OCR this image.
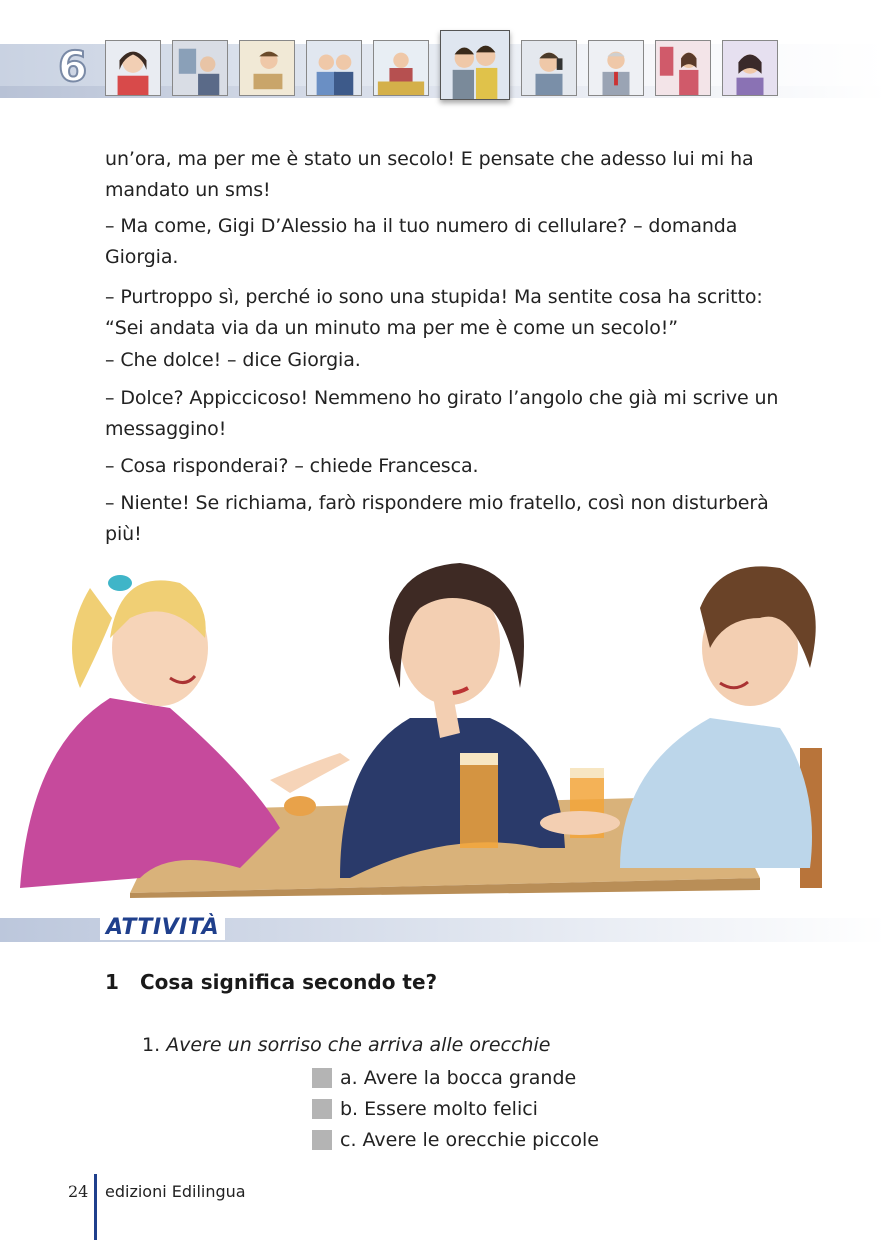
6
un’ora, ma per me è stato un secolo! E pensate che adesso lui mi ha mandato un sms!
– Ma come, Gigi D’Alessio ha il tuo numero di cellulare? – domanda Giorgia.
– Purtroppo sì, perché io sono una stupida! Ma sentite cosa ha scritto: “Sei andata via da un minuto ma per me è come un secolo!”
– Che dolce! – dice Giorgia.
– Dolce? Appiccicoso! Nemmeno ho girato l’angolo che già mi scrive un messaggino!
– Cosa risponderai? – chiede Francesca.
– Niente! Se richiama, farò rispondere mio fratello, così non disturberà più!
ATTIVITÀ
1 Cosa significa secondo te?
1. Avere un sorriso che arriva alle orecchie
a. Avere la bocca grande
b. Essere molto felici
c. Avere le orecchie piccole
24 edizioni Edilingua
